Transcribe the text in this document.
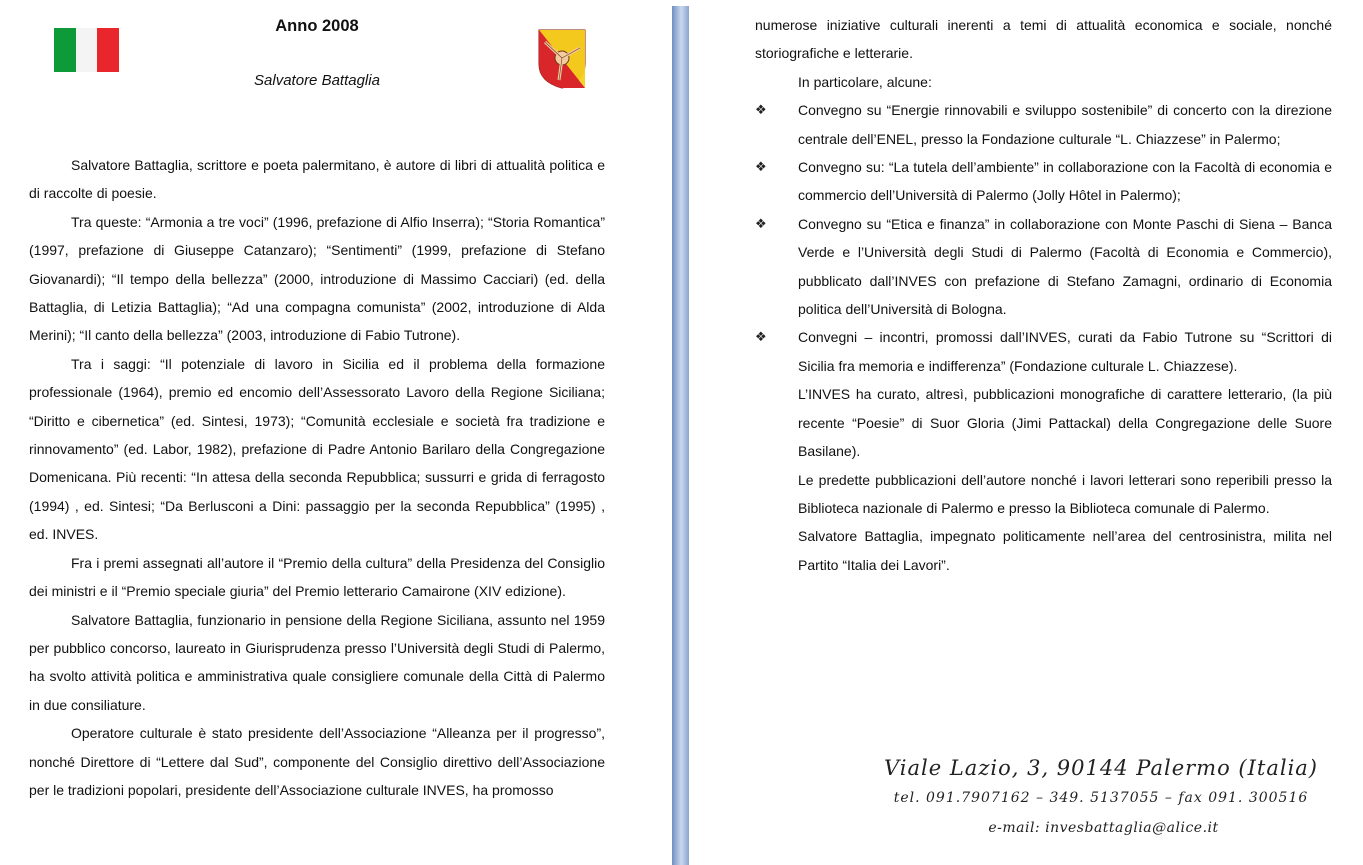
Anno 2008
Salvatore Battaglia

Salvatore Battaglia, scrittore e poeta palermitano, è autore di libri di attualità politica e di raccolte di poesie.

Tra queste: “Armonia a tre voci” (1996, prefazione di Alfio Inserra); “Storia Romantica” (1997, prefazione di Giuseppe Catanzaro); “Sentimenti” (1999, prefazione di Stefano Giovanardi); “Il tempo della bellezza” (2000, introduzione di Massimo Cacciari) (ed. della Battaglia, di Letizia Battaglia); “Ad una compagna comunista” (2002, introduzione di Alda Merini); “Il canto della bellezza” (2003, introduzione di Fabio Tutrone).

Tra i saggi: “Il potenziale di lavoro in Sicilia ed il problema della formazione professionale (1964), premio ed encomio dell’Assessorato Lavoro della Regione Siciliana; “Diritto e cibernetica” (ed. Sintesi, 1973); “Comunità ecclesiale e società fra tradizione e rinnovamento” (ed. Labor, 1982), prefazione di Padre Antonio Barilaro della Congregazione Domenicana. Più recenti: “In attesa della seconda Repubblica; sussurri e grida di ferragosto (1994) , ed. Sintesi; “Da Berlusconi a Dini: passaggio per la seconda Repubblica” (1995) , ed. INVES.

Fra i premi assegnati all’autore il “Premio della cultura” della Presidenza del Consiglio dei ministri e il “Premio speciale giuria” del Premio letterario Camairone (XIV edizione).

Salvatore Battaglia, funzionario in pensione della Regione Siciliana, assunto nel 1959 per pubblico concorso, laureato in Giurisprudenza presso l’Università degli Studi di Palermo, ha svolto attività politica e amministrativa quale consigliere comunale della Città di Palermo in due consiliature.

Operatore culturale è stato presidente dell’Associazione “Alleanza per il progresso”, nonché Direttore di “Lettere dal Sud”, componente del Consiglio direttivo dell’Associazione per le tradizioni popolari, presidente dell’Associazione culturale INVES, ha promosso

numerose iniziative culturali inerenti a temi di attualità economica e sociale, nonché storiografiche e letterarie.

In particolare, alcune:

❖	Convegno su “Energie rinnovabili e sviluppo sostenibile” di concerto con la direzione centrale dell’ENEL, presso la Fondazione culturale “L. Chiazzese” in Palermo;
❖	Convegno su: “La tutela dell’ambiente” in collaborazione con la Facoltà di economia e commercio dell’Università di Palermo (Jolly Hôtel in Palermo);
❖	Convegno su “Etica e finanza” in collaborazione con Monte Paschi di Siena – Banca Verde e l’Università degli Studi di Palermo (Facoltà di Economia e Commercio), pubblicato dall’INVES con prefazione di Stefano Zamagni, ordinario di Economia politica dell’Università di Bologna.
❖	Convegni – incontri, promossi dall’INVES, curati da Fabio Tutrone su “Scrittori di Sicilia fra memoria e indifferenza” (Fondazione culturale L. Chiazzese).

L’INVES ha curato, altresì, pubblicazioni monografiche di carattere letterario, (la più recente “Poesie” di Suor Gloria (Jimi Pattackal) della Congregazione delle Suore Basilane).

Le predette pubblicazioni dell’autore nonché i lavori letterari sono reperibili presso la Biblioteca nazionale di Palermo e presso la Biblioteca comunale di Palermo.

Salvatore Battaglia, impegnato politicamente nell’area del centrosinistra, milita nel Partito “Italia dei Lavori”.

Viale Lazio, 3, 90144 Palermo (Italia)
tel. 091.7907162 – 349. 5137055 – fax 091. 300516
e-mail: invesbattaglia@alice.it
